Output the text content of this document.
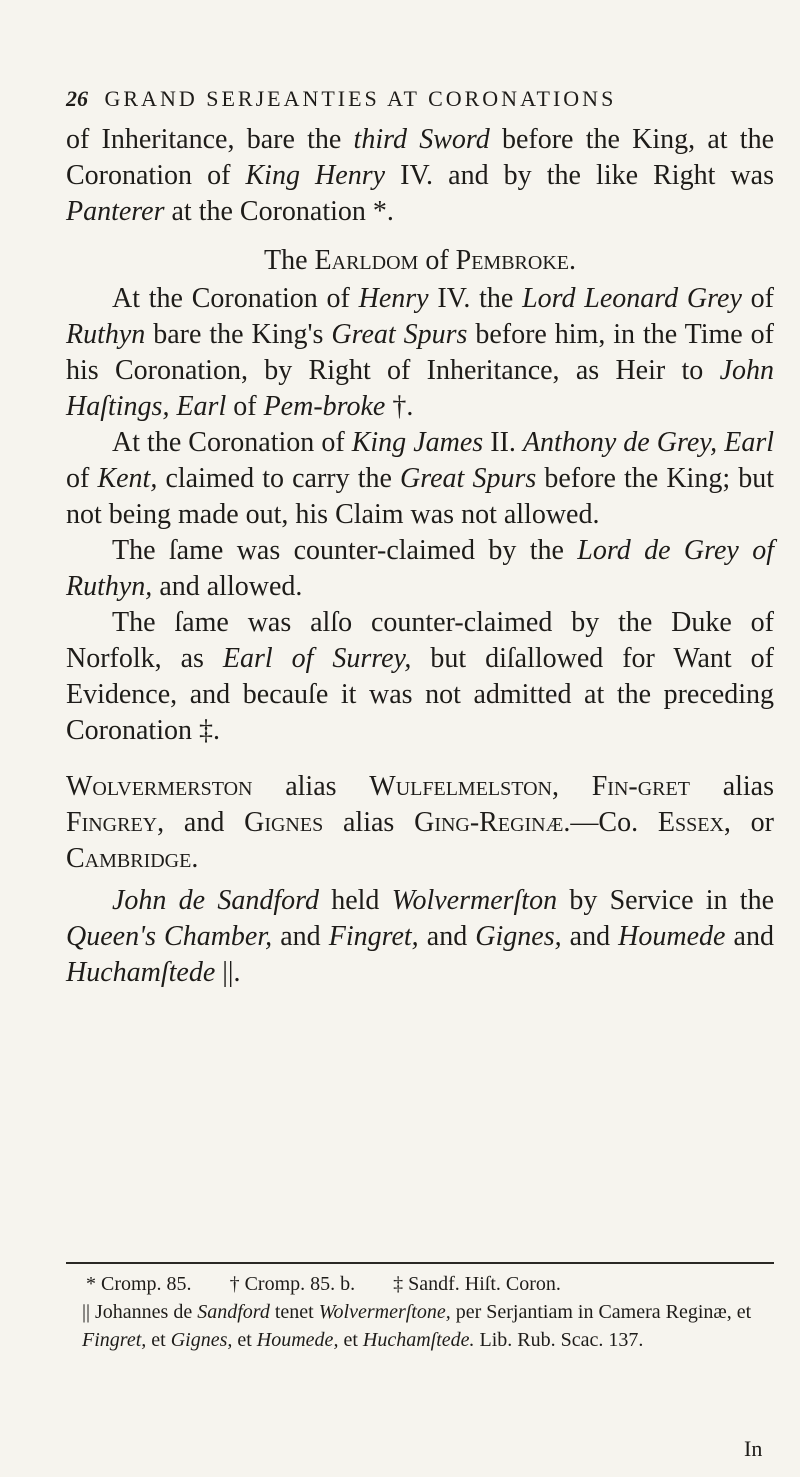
26 GRAND SERJEANTIES AT CORONATIONS

of Inheritance, bare the third Sword before the King, at the Coronation of King Henry IV. and by the like Right was Panterer at the Coronation *.

The Earldom of Pembroke.

At the Coronation of Henry IV. the Lord Leonard Grey of Ruthyn bare the King's Great Spurs before him, in the Time of his Coronation, by Right of Inheritance, as Heir to John Haſtings, Earl of Pem-broke †.

At the Coronation of King James II. Anthony de Grey, Earl of Kent, claimed to carry the Great Spurs before the King; but not being made out, his Claim was not allowed.

The ſame was counter-claimed by the Lord de Grey of Ruthyn, and allowed.

The ſame was alſo counter-claimed by the Duke of Norfolk, as Earl of Surrey, but diſallowed for Want of Evidence, and becauſe it was not admitted at the preceding Coronation ‡.

Wolvermerston alias Wulfelmelston, Fin-gret alias Fingrey, and Gignes alias Ging-Reginæ.—Co. Essex, or Cambridge.

John de Sandford held Wolvermerſton by Service in the Queen's Chamber, and Fingret, and Gignes, and Houmede and Huchamſtede ||.

* Cromp. 85. † Cromp. 85. b. ‡ Sandf. Hiſt. Coron.

|| Johannes de Sandford tenet Wolvermerſtone, per Serjantiam in Camera Reginæ, et Fingret, et Gignes, et Houmede, et Huchamſtede. Lib. Rub. Scac. 137.

In
